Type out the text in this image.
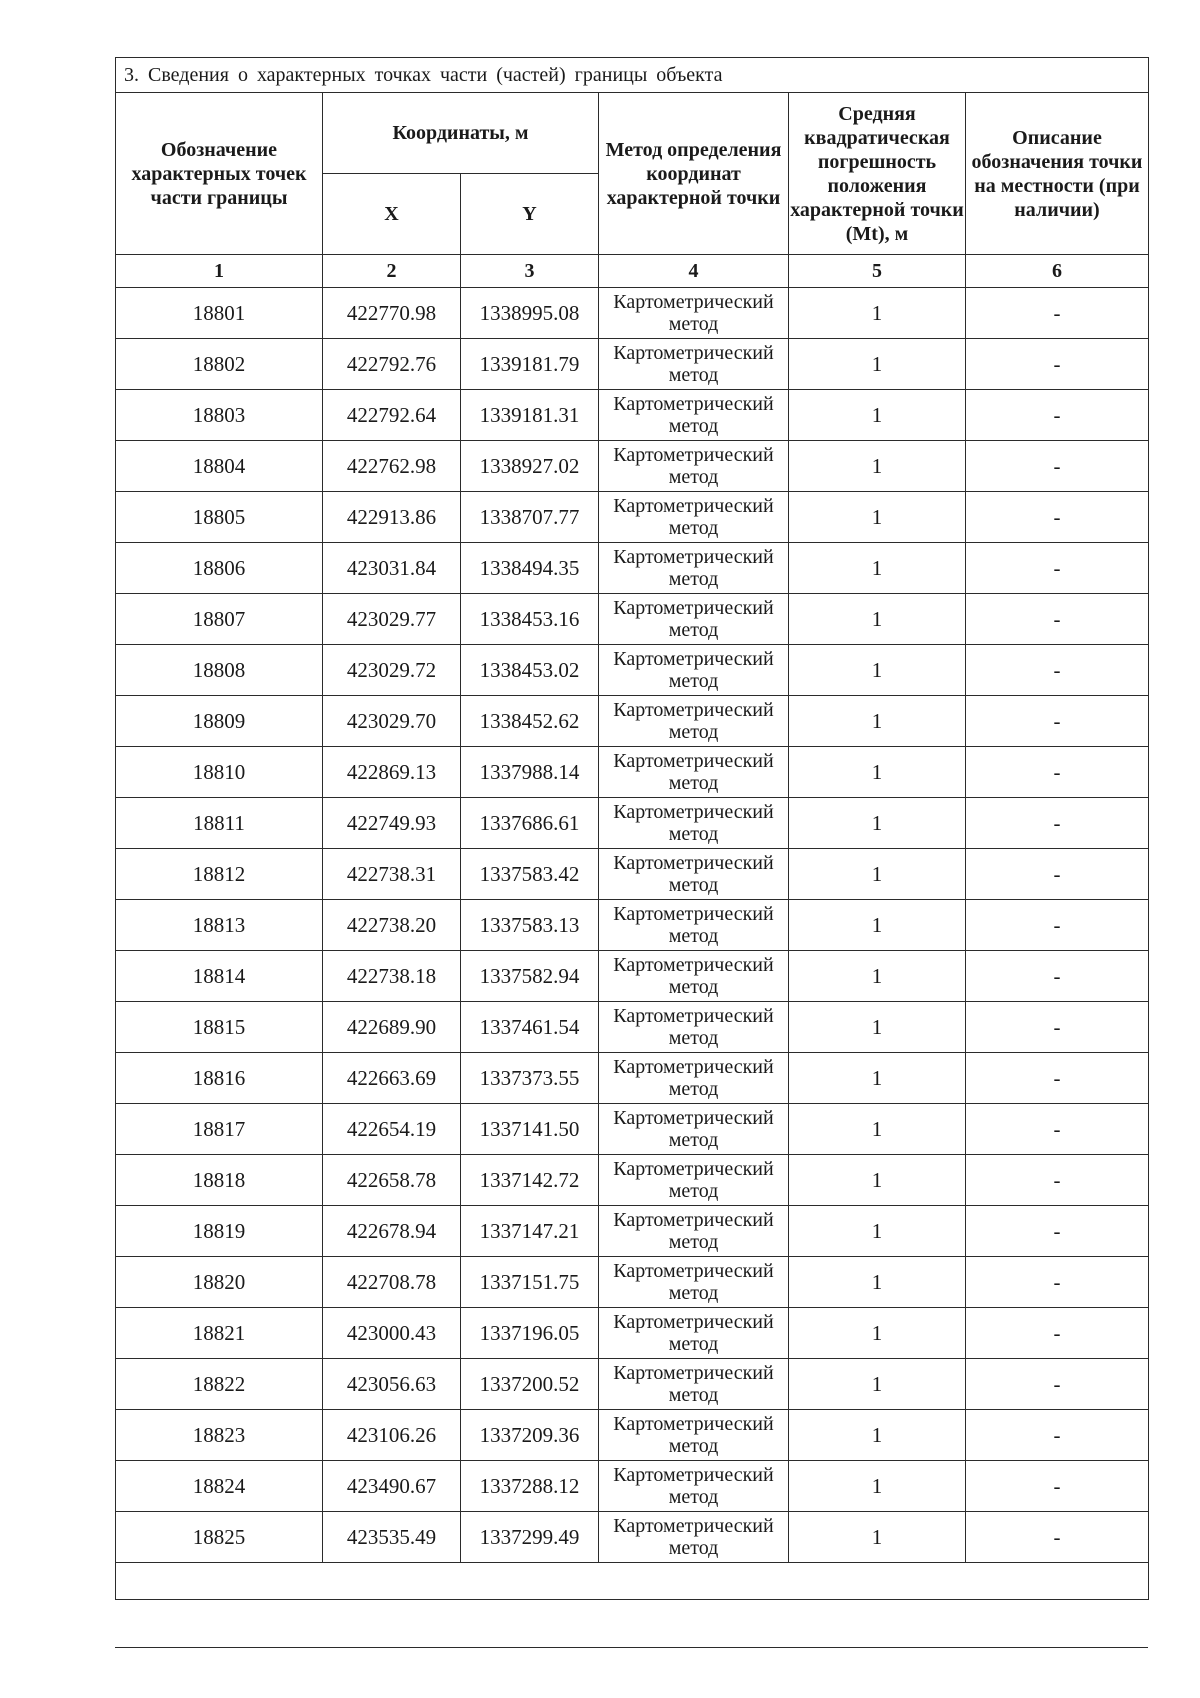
3. Сведения о характерных точках части (частей) границы объекта					
Обозначение характерных точек части границы	Координаты, м		Метод определения координат характерной точки	Средняя квадратическая погрешность положения характерной точки (Mt), м	Описание обозначения точки на местности (при наличии)
	X	Y			
1	2	3	4	5	6
18801	422770.98	1338995.08	Картометрический метод	1	-
18802	422792.76	1339181.79	Картометрический метод	1	-
18803	422792.64	1339181.31	Картометрический метод	1	-
18804	422762.98	1338927.02	Картометрический метод	1	-
18805	422913.86	1338707.77	Картометрический метод	1	-
18806	423031.84	1338494.35	Картометрический метод	1	-
18807	423029.77	1338453.16	Картометрический метод	1	-
18808	423029.72	1338453.02	Картометрический метод	1	-
18809	423029.70	1338452.62	Картометрический метод	1	-
18810	422869.13	1337988.14	Картометрический метод	1	-
18811	422749.93	1337686.61	Картометрический метод	1	-
18812	422738.31	1337583.42	Картометрический метод	1	-
18813	422738.20	1337583.13	Картометрический метод	1	-
18814	422738.18	1337582.94	Картометрический метод	1	-
18815	422689.90	1337461.54	Картометрический метод	1	-
18816	422663.69	1337373.55	Картометрический метод	1	-
18817	422654.19	1337141.50	Картометрический метод	1	-
18818	422658.78	1337142.72	Картометрический метод	1	-
18819	422678.94	1337147.21	Картометрический метод	1	-
18820	422708.78	1337151.75	Картометрический метод	1	-
18821	423000.43	1337196.05	Картометрический метод	1	-
18822	423056.63	1337200.52	Картометрический метод	1	-
18823	423106.26	1337209.36	Картометрический метод	1	-
18824	423490.67	1337288.12	Картометрический метод	1	-
18825	423535.49	1337299.49	Картометрический метод	1	-
